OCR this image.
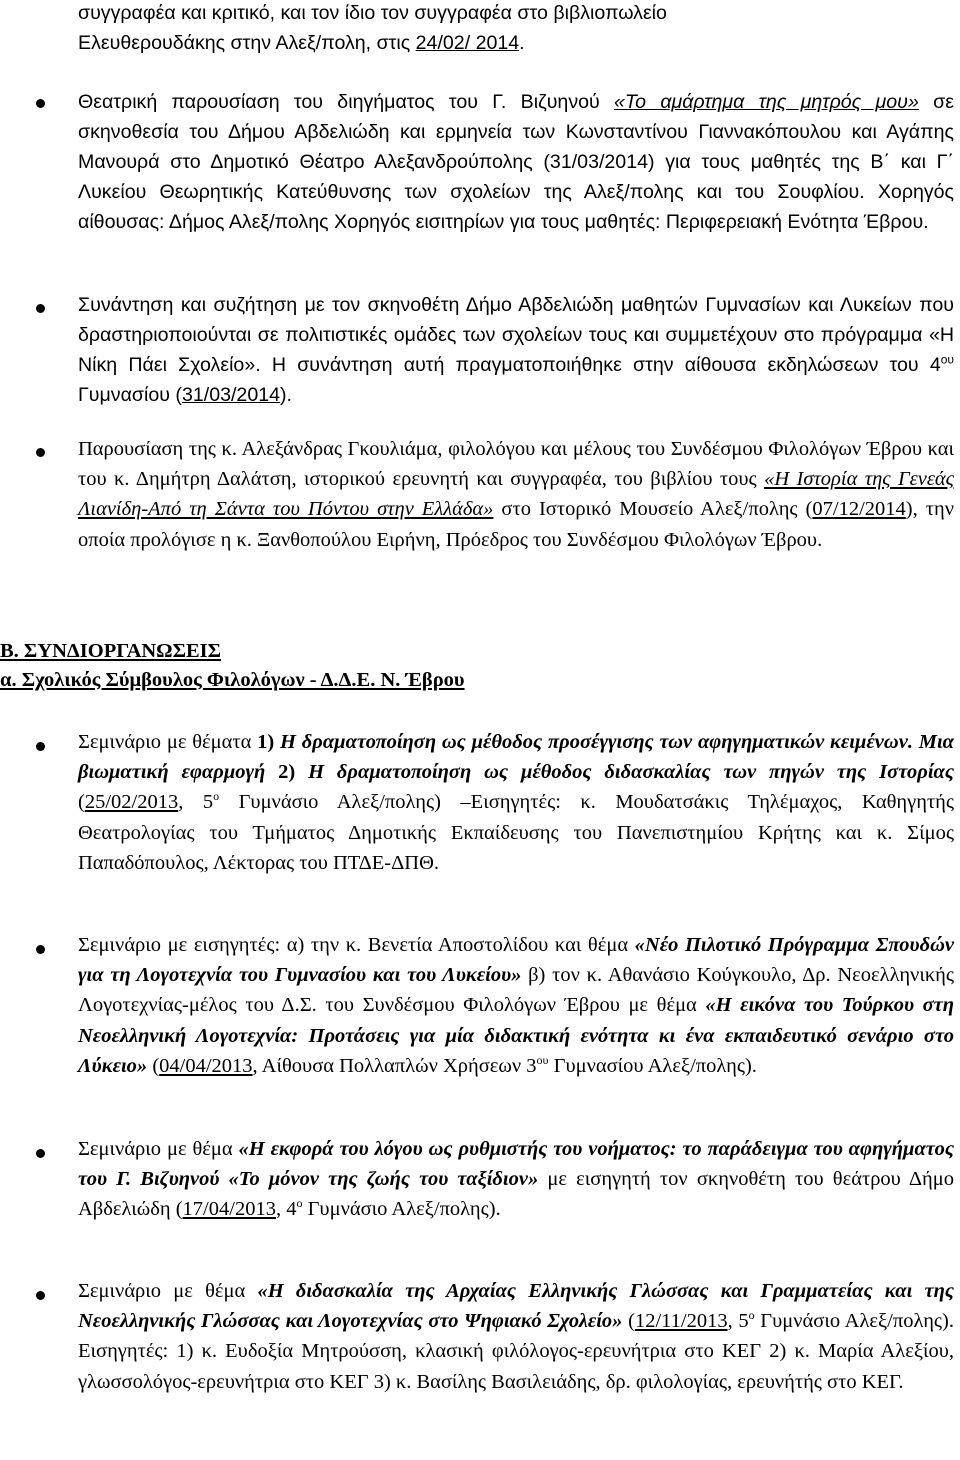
συγγραφέα και κριτικό, και τον ίδιο τον συγγραφέα στο βιβλιοπωλείο
Ελευθερουδάκης στην Αλεξ/πολη, στις 24/02/ 2014.
Θεατρική παρουσίαση του διηγήματος του Γ. Βιζυηνού «Το αμάρτημα της μητρός μου» σε σκηνοθεσία του Δήμου Αβδελιώδη και ερμηνεία των Κωνσταντίνου Γιαννακόπουλου και Αγάπης Μανουρά στο Δημοτικό Θέατρο Αλεξανδρούπολης (31/03/2014) για τους μαθητές της Β΄ και Γ΄ Λυκείου Θεωρητικής Κατεύθυνσης των σχολείων της Αλεξ/πολης και του Σουφλίου. Χορηγός αίθουσας: Δήμος Αλεξ/πολης Χορηγός εισιτηρίων για τους μαθητές: Περιφερειακή Ενότητα Έβρου.
Συνάντηση και συζήτηση με τον σκηνοθέτη Δήμο Αβδελιώδη μαθητών Γυμνασίων και Λυκείων που δραστηριοποιούνται σε πολιτιστικές ομάδες των σχολείων τους και συμμετέχουν στο πρόγραμμα «Η Νίκη Πάει Σχολείο». Η συνάντηση αυτή πραγματοποιήθηκε στην αίθουσα εκδηλώσεων του $4^{o\upsilon}$ Γυμνασίου (31/03/2014).
Παρουσίαση της κ. Αλεξάνδρας Γκουλιάμα, φιλολόγου και μέλους του Συνδέσμου Φιλολόγων Έβρου και του κ. Δημήτρη Δαλάτση, ιστορικού ερευνητή και συγγραφέα, του βιβλίου τους «Η Ιστορία της Γενεάς Λιανίδη-Από τη Σάντα του Πόντου στην Ελλάδα» στο Ιστορικό Μουσείο Αλεξ/πολης (07/12/2014), την οποία προλόγισε η κ. Ξανθοπούλου Ειρήνη, Πρόεδρος του Συνδέσμου Φιλολόγων Έβρου.
Β. ΣΥΝΔΙΟΡΓΑΝΩΣΕΙΣ
α. Σχολικός Σύμβουλος Φιλολόγων - Δ.Δ.Ε. Ν. Έβρου
Σεμινάριο με θέματα 1) Η δραματοποίηση ως μέθοδος προσέγγισης των αφηγηματικών κειμένων. Μια βιωματική εφαρμογή 2) Η δραματοποίηση ως μέθοδος διδασκαλίας των πηγών της Ιστορίας (25/02/2013, $5^o$ Γυμνάσιο Αλεξ/πολης) –Εισηγητές: κ. Μουδατσάκις Τηλέμαχος, Καθηγητής Θεατρολογίας του Τμήματος Δημοτικής Εκπαίδευσης του Πανεπιστημίου Κρήτης και κ. Σίμος Παπαδόπουλος, Λέκτορας του ΠΤΔΕ-ΔΠΘ.
Σεμινάριο με εισηγητές: α) την κ. Βενετία Αποστολίδου και θέμα «Νέο Πιλοτικό Πρόγραμμα Σπουδών για τη Λογοτεχνία του Γυμνασίου και του Λυκείου» β) τον κ. Αθανάσιο Κούγκουλο, Δρ. Νεοελληνικής Λογοτεχνίας-μέλος του Δ.Σ. του Συνδέσμου Φιλολόγων Έβρου με θέμα «Η εικόνα του Τούρκου στη Νεοελληνική Λογοτεχνία: Προτάσεις για μία διδακτική ενότητα κι ένα εκπαιδευτικό σενάριο στο Λύκειο» (04/04/2013, Αίθουσα Πολλαπλών Χρήσεων $3^{o\upsilon}$ Γυμνασίου Αλεξ/πολης).
Σεμινάριο με θέμα «Η εκφορά του λόγου ως ρυθμιστής του νοήματος: το παράδειγμα του αφηγήματος του Γ. Βιζυηνού «Το μόνον της ζωής του ταξίδιον» με εισηγητή τον σκηνοθέτη του θεάτρου Δήμο Αβδελιώδη (17/04/2013, $4^o$ Γυμνάσιο Αλεξ/πολης).
Σεμινάριο με θέμα «Η διδασκαλία της Αρχαίας Ελληνικής Γλώσσας και Γραμματείας και της Νεοελληνικής Γλώσσας και Λογοτεχνίας στο Ψηφιακό Σχολείο» (12/11/2013, $5^o$ Γυμνάσιο Αλεξ/πολης). Εισηγητές: 1) κ. Ευδοξία Μητρούσση, κλασική φιλόλογος-ερευνήτρια στο ΚΕΓ 2) κ. Μαρία Αλεξίου, γλωσσολόγος-ερευνήτρια στο ΚΕΓ 3) κ. Βασίλης Βασιλειάδης, δρ. φιλολογίας, ερευνήτής στο ΚΕΓ.
